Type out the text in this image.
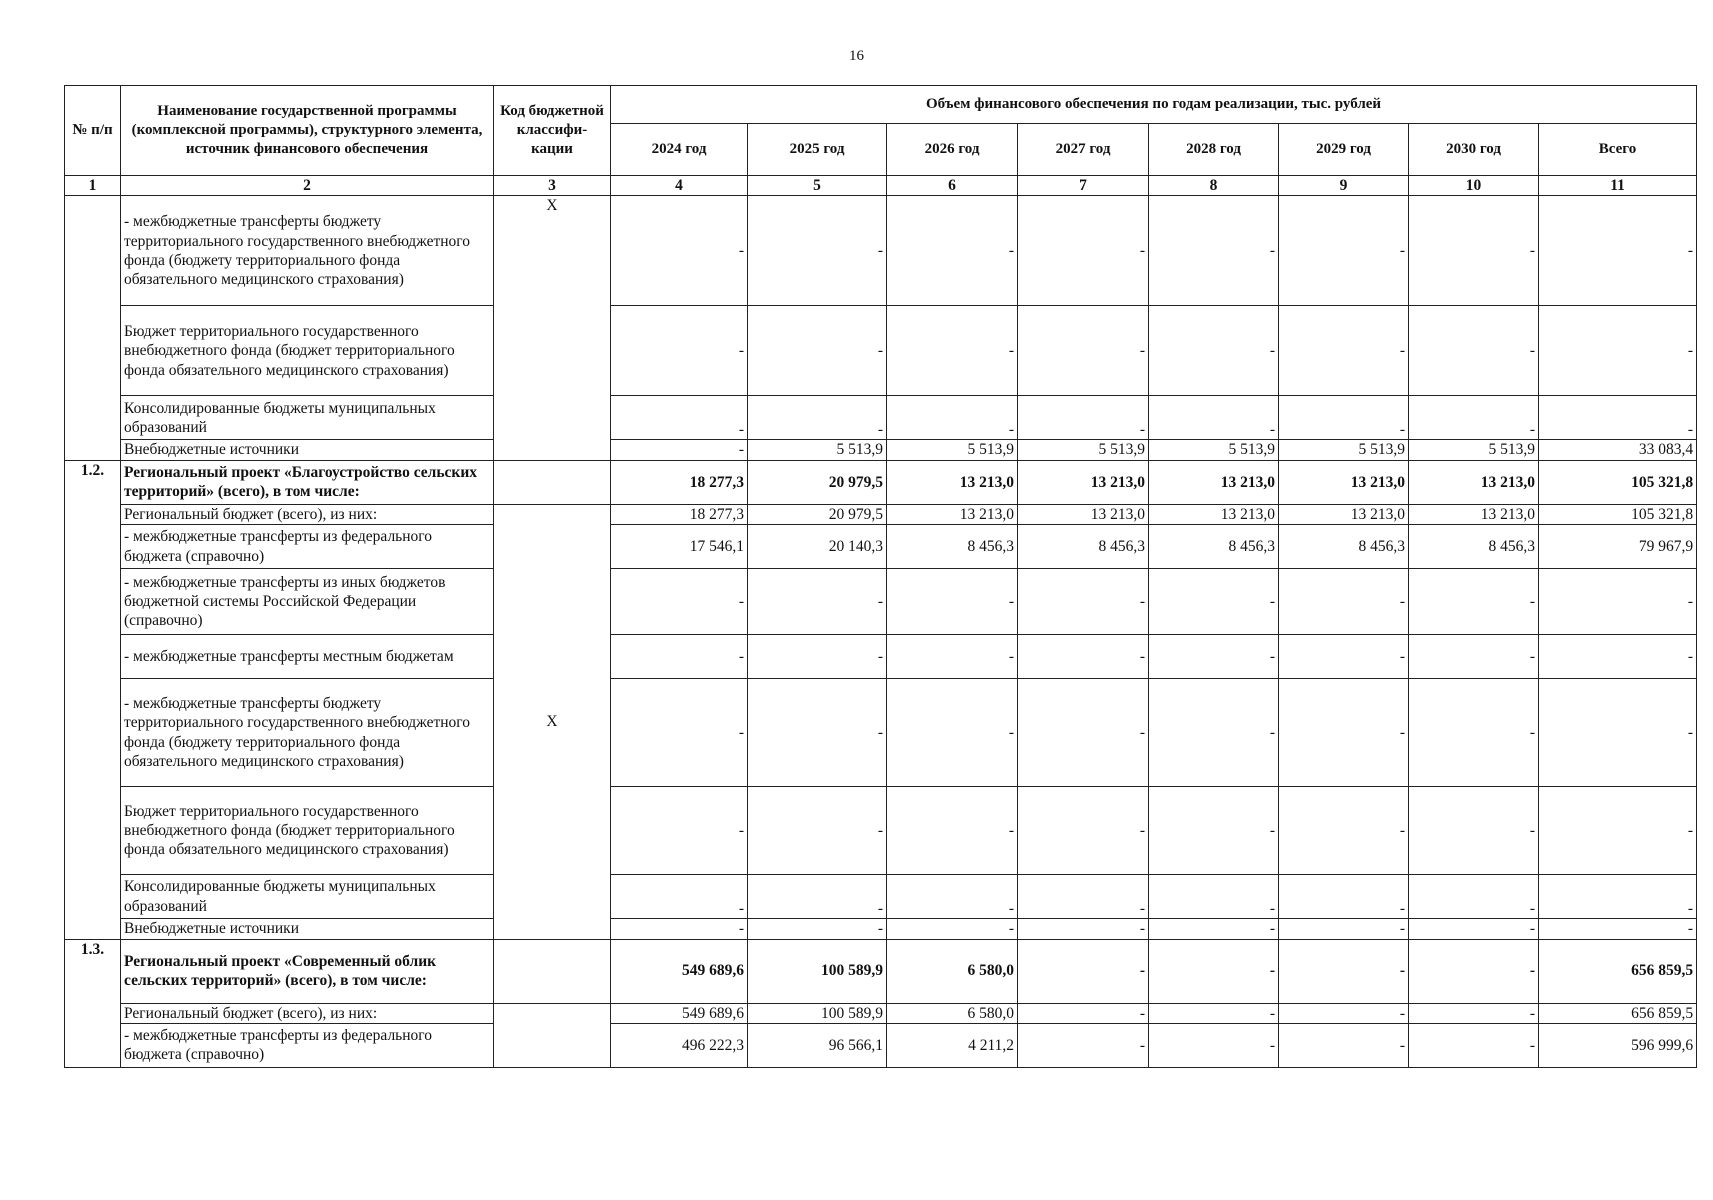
16
№ п/п	Наименование государственной программы (комплексной программы), структурного элемента, источник финансового обеспечения	Код бюджетной классифи-кации	Объем финансового обеспечения по годам реализации, тыс. рублей							
			2024 год	2025 год	2026 год	2027 год	2028 год	2029 год	2030 год	Всего
1	2	3	4	5	6	7	8	9	10	11
	- межбюджетные трансферты бюджету территориального государственного внебюджетного фонда (бюджету территориального фонда обязательного медицинского страхования)	X	-	-	-	-	-	-	-	-
	Бюджет территориального государственного внебюджетного фонда (бюджет территориального фонда обязательного медицинского страхования)		-	-	-	-	-	-	-	-
	Консолидированные бюджеты муниципальных образований		-	-	-	-	-	-	-	-
	Внебюджетные источники		-	5 513,9	5 513,9	5 513,9	5 513,9	5 513,9	5 513,9	33 083,4
1.2.	Региональный проект «Благоустройство сельских территорий» (всего), в том числе:		18 277,3	20 979,5	13 213,0	13 213,0	13 213,0	13 213,0	13 213,0	105 321,8
	Региональный бюджет (всего), из них:	X	18 277,3	20 979,5	13 213,0	13 213,0	13 213,0	13 213,0	13 213,0	105 321,8
	- межбюджетные трансферты из федерального бюджета (справочно)		17 546,1	20 140,3	8 456,3	8 456,3	8 456,3	8 456,3	8 456,3	79 967,9
	- межбюджетные трансферты из иных бюджетов бюджетной системы Российской Федерации (справочно)		-	-	-	-	-	-	-	-
	- межбюджетные трансферты местным бюджетам		-	-	-	-	-	-	-	-
	- межбюджетные трансферты бюджету территориального государственного внебюджетного фонда (бюджету территориального фонда обязательного медицинского страхования)		-	-	-	-	-	-	-	-
	Бюджет территориального государственного внебюджетного фонда (бюджет территориального фонда обязательного медицинского страхования)		-	-	-	-	-	-	-	-
	Консолидированные бюджеты муниципальных образований		-	-	-	-	-	-	-	-
	Внебюджетные источники		-	-	-	-	-	-	-	-
1.3.	Региональный проект «Современный облик сельских территорий» (всего), в том числе:		549 689,6	100 589,9	6 580,0	-	-	-	-	656 859,5
	Региональный бюджет (всего), из них:		549 689,6	100 589,9	6 580,0	-	-	-	-	656 859,5
	- межбюджетные трансферты из федерального бюджета (справочно)		496 222,3	96 566,1	4 211,2	-	-	-	-	596 999,6
